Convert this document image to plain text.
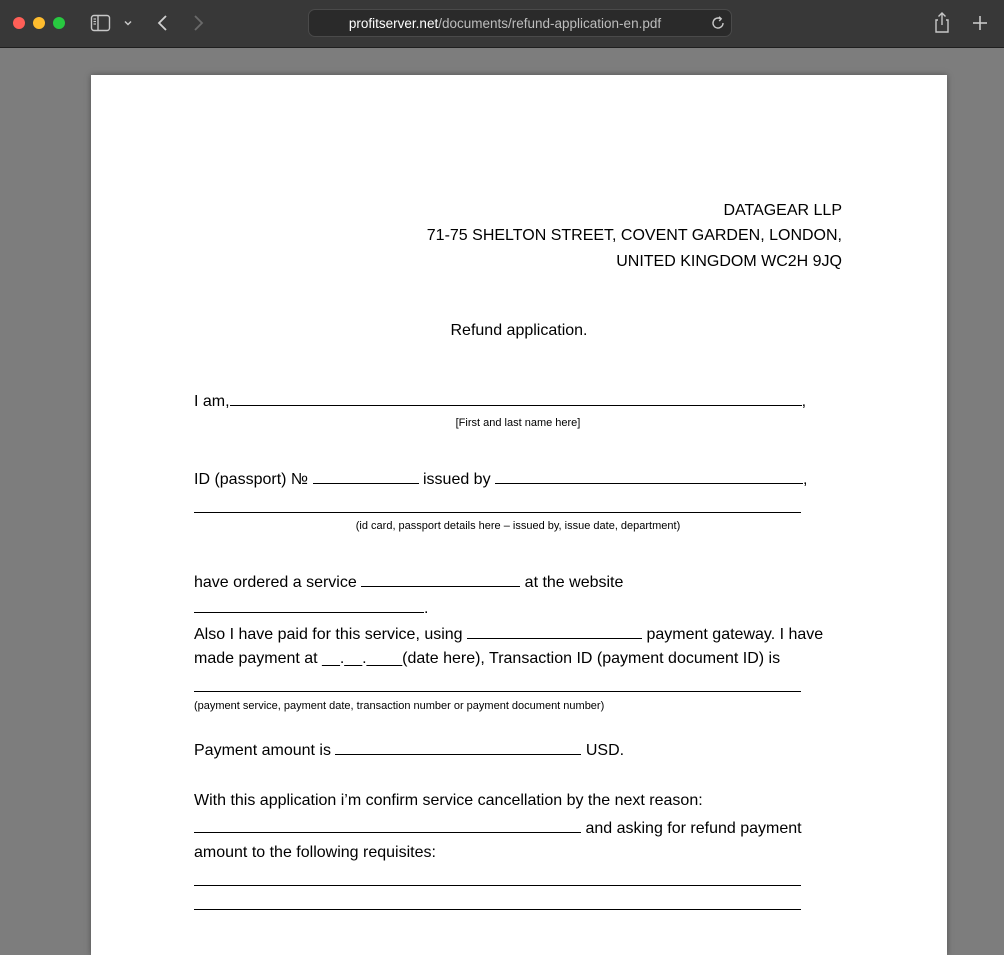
profitserver.net/documents/refund-application-en.pdf
DATAGEAR LLP
71-75 SHELTON STREET, COVENT GARDEN, LONDON,
UNITED KINGDOM WC2H 9JQ
Refund application.
I am,	,
[First and last name here]
ID (passport) №	issued by	,
(id card, passport details here – issued by, issue date, department)
have ordered a service	at the website
.
Also I have paid for this service, using	payment gateway. I have
made payment at __.__.____(date here), Transaction ID (payment document ID) is
(payment service, payment date, transaction number or payment document number)
Payment amount is	USD.
With this application i’m confirm service cancellation by the next reason:
and asking for refund payment
amount to the following requisites:
